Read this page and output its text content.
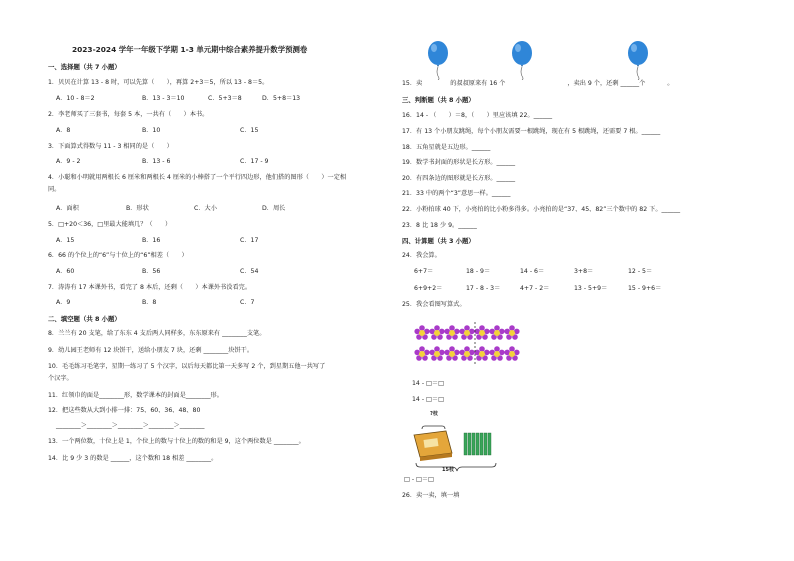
2023-2024 学年一年级下学期 1-3 单元期中综合素养提升数学预测卷
一、选择题（共 7 小题）
1．贝贝在计算 13 - 8 时，可以先算（　　），再算 2+3＝5，所以 13 - 8＝5。
A．10 - 8＝2	B．13 - 3＝10	C．5+3＝8	D．5+8＝13
2．李老师买了三套书，每套 5 本，一共有（　　）本书。
A．8	B．10	C．15
3．下面算式得数与 11 - 3 相同的是（　　）
A．9 - 2	B．13 - 6	C．17 - 9
4．小聪和小明就用两根长 6 厘米和两根长 4 厘米的小棒搭了一个平行四边形，他们搭的图形（　　）一定相
同。
A．面积	B．形状	C．大小	D．周长
5．□+20＜36，□里最大能填几？（　　）
A．15	B．16	C．17
6．66 的个位上的“6”与十位上的“6”相差（　　）
A．60	B．56	C．54
7．涛涛有 17 本课外书，看完了 8 本后，还剩（　　）本课外书没看完。
A．9	B．8	C．7
二、填空题（共 8 小题）
8．兰兰有 20 支笔，给了东东 4 支后两人同样多，东东原来有 ________支笔。
9．幼儿园王老师有 12 块饼干，送给小朋友 7 块，还剩 ________块饼干。
10．毛毛练习毛笔字，星期一练习了 5 个汉字，以后每天都比第一天多写 2 个，到星期五他一共写了
个汉字。
11．红领巾的面是________形，数学课本的封面是________形。
12．把这些数从大到小排一排：75、60、36、48、80
________＞________＞________＞________＞________
13．一个两位数，十位上是 1，个位上的数与十位上的数的和是 9，这个两位数是 ________。
14．比 9 少 3 的数是 ______，这个数和 18 相差 ________。
15．卖	的叔叔原来有 16 个	，卖出 9 个，还剩 ______个	。
三、判断题（共 8 小题）
16．14 - （　　）＝8，（　　）里应该填 22。______
17．有 13 个小朋友跳绳，每个小朋友需要一根跳绳，现在有 5 根跳绳，还需要 7 根。______
18．五角星就是五边形。______
19．数学书封面的形状是长方形。______
20．有四条边的图形就是长方形。______
21．33 中的两个“3”意思一样。______
22．小粉拍球 40 下，小亮拍的比小粉多得多。小亮拍的是“37、45、82”三个数中的 82 下。______
23．8 比 18 少 9。______
四、计算题（共 3 小题）
24．我会算。
6+7＝	18 - 9＝	14 - 6＝	3+8＝	12 - 5＝
6+9+2＝	17 - 8 - 3＝	4+7 - 2＝	13 - 5+9＝	15 - 9+6＝
25．我会看图写算式。
14 - □＝□
14 - □＝□
?枝
15枝
□ - □＝□
26．卖一卖，填一填
